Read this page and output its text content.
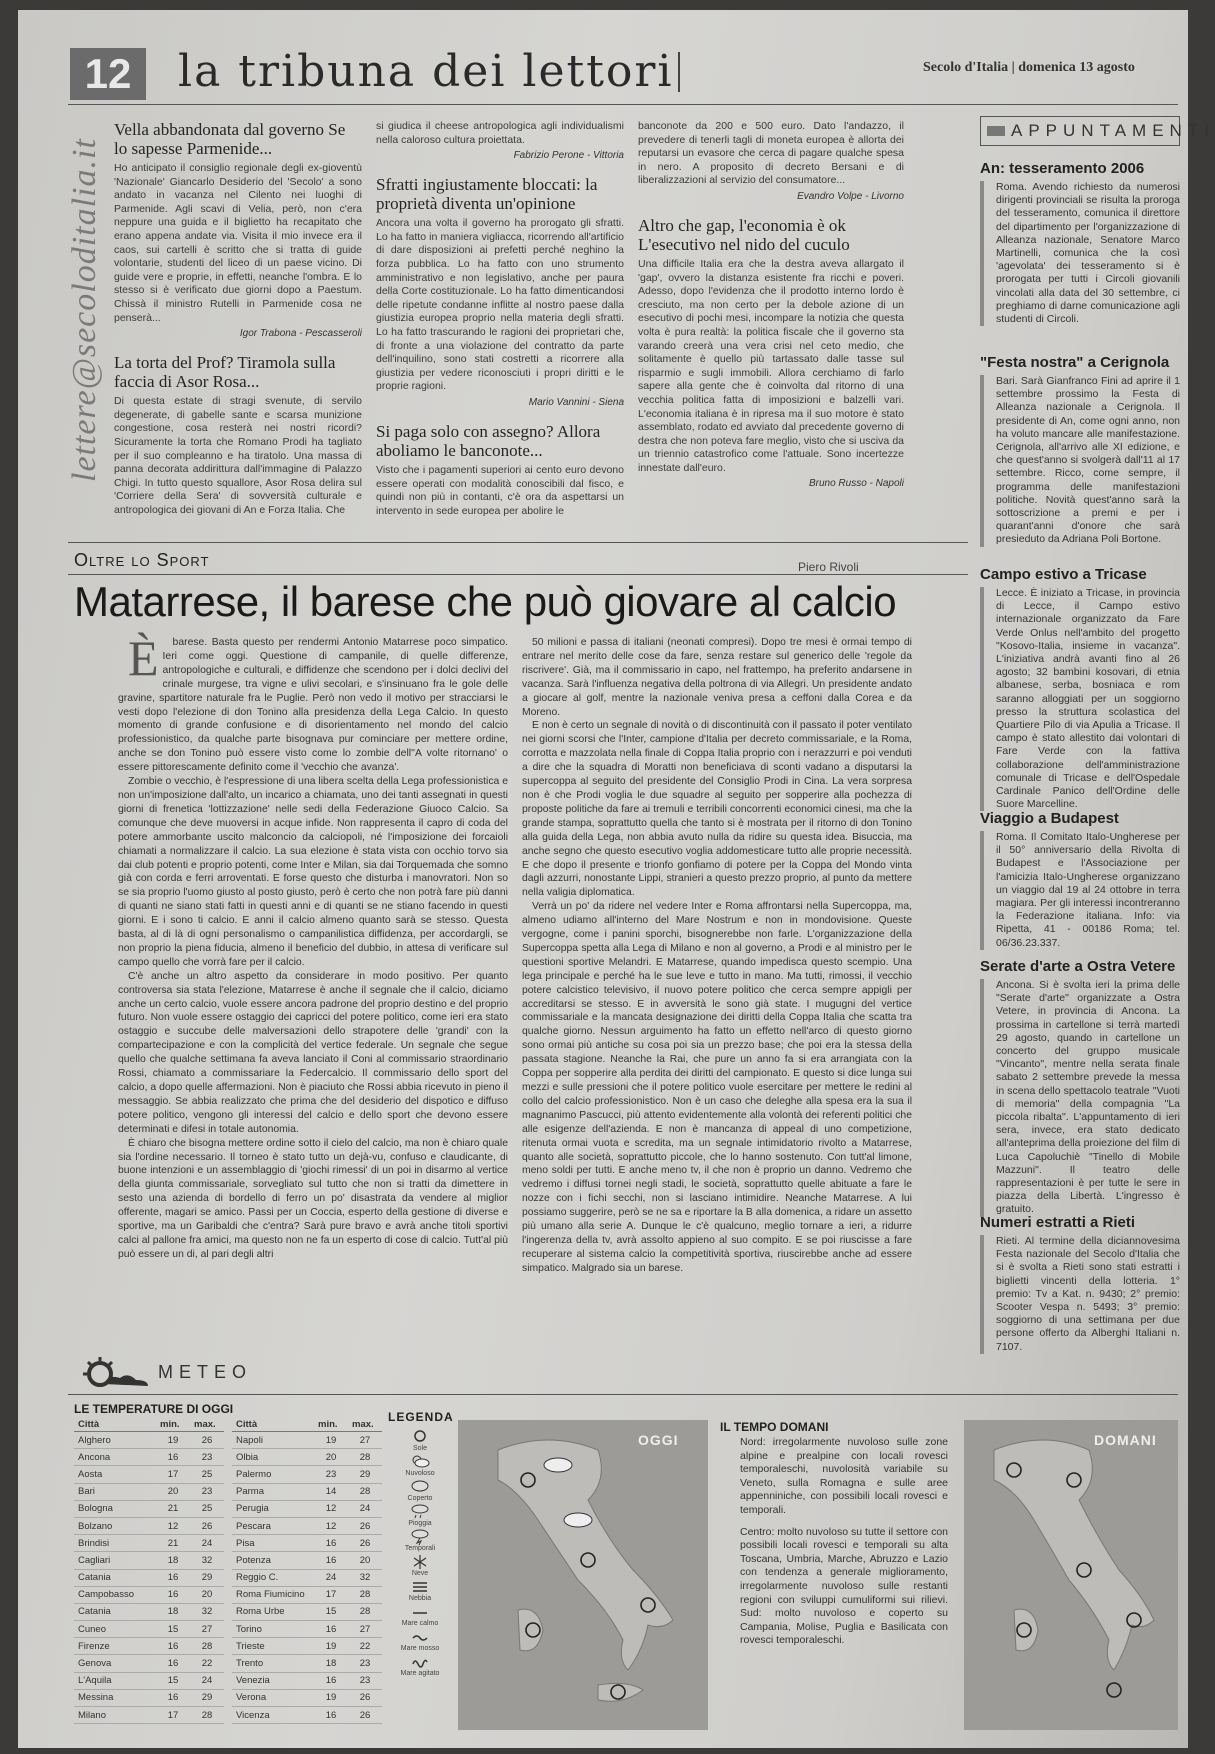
12	la tribuna dei lettori	Secolo d'Italia | domenica 13 agosto
lettere@secoloditalia.it
Vella abbandonata dal governo Se lo sapesse Parmenide...

Ho anticipato il consiglio regionale degli ex-gioventù 'Nazionale' Giancarlo Desiderio del 'Secolo' a sono andato in vacanza nel Cilento nei luoghi di Parmenide. Agli scavi di Velia, però, non c'era neppure una guida e il biglietto ha recapitato che erano appena andate via. Visita il mio invece era il caos, sui cartelli è scritto che si tratta di guide volontarie, studenti del liceo di un paese vicino. Di guide vere e proprie, in effetti, neanche l'ombra. E lo stesso si è verificato due giorni dopo a Paestum. Chissà il ministro Rutelli in Parmenide cosa ne penserà...

Igor Trabona - Pescasseroli
La torta del Prof? Tiramola sulla faccia di Asor Rosa...

Di questa estate di stragi svenute, di servilo degenerate, di gabelle sante e scarsa munizione congestione, cosa resterà nei nostri ricordi? Sicuramente la torta che Romano Prodi ha tagliato per il suo compleanno e ha tiratolo. Una massa di panna decorata addirittura dall'immagine di Palazzo Chigi. In tutto questo squallore, Asor Rosa delira sul 'Corriere della Sera' di sovversità culturale e antropologica dei giovani di An e Forza Italia. Che

si giudica il cheese antropologica agli individualismi nella caloroso cultura proiettata.

Fabrizio Perone - Vittoria
Sfratti ingiustamente bloccati: la proprietà diventa un'opinione

Ancora una volta il governo ha prorogato gli sfratti. Lo ha fatto in maniera vigliacca, ricorrendo all'artificio di dare disposizioni ai prefetti perché neghino la forza pubblica. Lo ha fatto con uno strumento amministrativo e non legislativo, anche per paura della Corte costituzionale. Lo ha fatto dimenticandosi delle ripetute condanne inflitte al nostro paese dalla giustizia europea proprio nella materia degli sfratti. Lo ha fatto trascurando le ragioni dei proprietari che, di fronte a una violazione del contratto da parte dell'inquilino, sono stati costretti a ricorrere alla giustizia per vedere riconosciuti i propri diritti e le proprie ragioni.

Mario Vannini - Siena
Si paga solo con assegno? Allora aboliamo le banconote...

Visto che i pagamenti superiori ai cento euro devono essere operati con modalità conoscibili dal fisco, e quindi non più in contanti, c'è ora da aspettarsi un intervento in sede europea per abolire le

banconote da 200 e 500 euro. Dato l'andazzo, il prevedere di tenerli tagli di moneta europea è allorta dei reputarsi un evasore che cerca di pagare qualche spesa in nero. A proposito di decreto Bersani e di liberalizzazioni al servizio del consumatore...

Evandro Volpe - Livorno
Altro che gap, l'economia è ok L'esecutivo nel nido del cuculo

Una difficile Italia era che la destra aveva allargato il 'gap', ovvero la distanza esistente fra ricchi e poveri. Adesso, dopo l'evidenza che il prodotto interno lordo è cresciuto, ma non certo per la debole azione di un esecutivo di pochi mesi, incompare la notizia che questa volta è pura realtà: la politica fiscale che il governo sta varando creerà una vera crisi nel ceto medio, che solitamente è quello più tartassato dalle tasse sul risparmio e sugli immobili. Allora cerchiamo di farlo sapere alla gente che è coinvolta dal ritorno di una vecchia politica fatta di imposizioni e balzelli vari. L'economia italiana è in ripresa ma il suo motore è stato assemblato, rodato ed avviato dal precedente governo di destra che non poteva fare meglio, visto che si usciva da un triennio catastrofico come l'attuale. Sono incertezze innestate dall'euro.

Bruno Russo - Napoli
Oltre lo Sport	Piero Rivoli
Matarrese, il barese che può giovare al calcio

È barese. Basta questo per rendermi Antonio Matarrese poco simpatico. Ieri come oggi. Questione di campanile, di quelle differenze, antropologiche e culturali, e diffidenze che scendono per i dolci declivi del crinale murgese, tra vigne e ulivi secolari, e s'insinuano fra le gole delle gravine, spartitore naturale fra le Puglie. Però non vedo il motivo per stracciarsi le vesti dopo l'elezione di don Tonino alla presidenza della Lega Calcio. In questo momento di grande confusione e di disorientamento nel mondo del calcio professionistico, da qualche parte bisognava pur cominciare per mettere ordine, anche se don Tonino può essere visto come lo zombie dell''A volte ritornano' o essere pittorescamente definito come il 'vecchio che avanza'.

Zombie o vecchio, è l'espressione di una libera scelta della Lega professionistica e non un'imposizione dall'alto, un incarico a chiamata, uno dei tanti assegnati in questi giorni di frenetica 'lottizzazione' nelle sedi della Federazione Giuoco Calcio. Sa comunque che deve muoversi in acque infide. Non rappresenta il capro di coda del potere ammorbante uscito malconcio da calciopoli, né l'imposizione dei forcaioli chiamati a normalizzare il calcio. La sua elezione è stata vista con occhio torvo sia dai club potenti e proprio potenti, come Inter e Milan, sia dai Torquemada che somno già con corda e ferri arroventati. E forse questo che disturba i manovratori. Non so se sia proprio l'uomo giusto al posto giusto, però è certo che non potrà fare più danni di quanti ne siano stati fatti in questi anni e di quanti se ne stiano facendo in questi giorni. E i sono ti calcio. E anni il calcio almeno quanto sarà se stesso. Questa basta, al di là di ogni personalismo o campanilistica diffidenza, per accordargli, se non proprio la piena fiducia, almeno il beneficio del dubbio, in attesa di verificare sul campo quello che vorrà fare per il calcio.

C'è anche un altro aspetto da considerare in modo positivo. Per quanto controversa sia stata l'elezione, Matarrese è anche il segnale che il calcio, diciamo anche un certo calcio, vuole essere ancora padrone del proprio destino e del proprio futuro. Non vuole essere ostaggio dei capricci del potere politico, come ieri era stato ostaggio e succube delle malversazioni dello strapotere delle 'grandi' con la compartecipazione e con la complicità del vertice federale. Un segnale che segue quello che qualche settimana fa aveva lanciato il Coni al commissario straordinario Rossi, chiamato a commissariare la Federcalcio. Il commissario dello sport del calcio, a dopo quelle affermazioni. Non è piaciuto che Rossi abbia ricevuto in pieno il messaggio. Se abbia realizzato che prima che del desiderio del dispotico e diffuso potere politico, vengono gli interessi del calcio e dello sport che devono essere determinati e difesi in totale autonomia.

È chiaro che bisogna mettere ordine sotto il cielo del calcio, ma non è chiaro quale sia l'ordine necessario. Il torneo è stato tutto un dejà-vu, confuso e claudicante, di buone intenzioni e un assemblaggio di 'giochi rimessi' di un poi in disarmo al vertice della giunta commissariale, sorvegliato sul tutto che non si tratti da dimettere in sesto una azienda di bordello di ferro un po' disastrata da vendere al miglior offerente, magari se amico. Passi per un Coccia, esperto della gestione di diverse e sportive, ma un Garibaldi che c'entra? Sarà pure bravo e avrà anche titoli sportivi calci al pallone fra amici, ma questo non ne fa un esperto di cose di calcio. Tutt'al più può essere un di, al pari degli altri

50 milioni e passa di italiani (neonati compresi). Dopo tre mesi è ormai tempo di entrare nel merito delle cose da fare, senza restare sul generico delle 'regole da riscrivere'. Già, ma il commissario in capo, nel frattempo, ha preferito andarsene in vacanza. Sarà l'influenza negativa della poltrona di via Allegri. Un presidente andato a giocare al golf, mentre la nazionale veniva presa a ceffoni dalla Corea e da Moreno.

E non è certo un segnale di novità o di discontinuità con il passato il poter ventilato nei giorni scorsi che l'Inter, campione d'Italia per decreto commissariale, e la Roma, corrotta e mazzolata nella finale di Coppa Italia proprio con i nerazzurri e poi venduti a dire che la squadra di Moratti non beneficiava di sconti vadano a disputarsi la supercoppa al seguito del presidente del Consiglio Prodi in Cina. La vera sorpresa non è che Prodi voglia le due squadre al seguito per sopperire alla pochezza di proposte politiche da fare ai tremuli e terribili concorrenti economici cinesi, ma che la grande stampa, soprattutto quella che tanto si è mostrata per il ritorno di don Tonino alla guida della Lega, non abbia avuto nulla da ridire su questa idea. Bisuccia, ma anche segno che questo esecutivo voglia addomesticare tutto alle proprie necessità. E che dopo il presente e trionfo gonfiamo di potere per la Coppa del Mondo vinta dagli azzurri, nonostante Lippi, stranieri a questo prezzo proprio, al punto da mettere nella valigia diplomatica.

Verrà un po' da ridere nel vedere Inter e Roma affrontarsi nella Supercoppa, ma, almeno udiamo all'interno del Mare Nostrum e non in mondovisione. Queste vergogne, come i panini sporchi, bisognerebbe non farle. L'organizzazione della Supercoppa spetta alla Lega di Milano e non al governo, a Prodi e al ministro per le questioni sportive Melandri. E Matarrese, quando impedisca questo scempio. Una lega principale e perché ha le sue leve e tutto in mano. Ma tutti, rimossi, il vecchio potere calcistico televisivo, il nuovo potere politico che cerca sempre appigli per accreditarsi se stesso. E in avversità le sono già state. I mugugni del vertice commissariale e la mancata designazione dei diritti della Coppa Italia che scatta tra qualche giorno. Nessun arguimento ha fatto un effetto nell'arco di questo giorno sono ormai più antiche su cosa poi sia un prezzo base; che poi era la stessa della passata stagione. Neanche la Rai, che pure un anno fa si era arrangiata con la Coppa per sopperire alla perdita dei diritti del campionato. E questo si dice lunga sui mezzi e sulle pressioni che il potere politico vuole esercitare per mettere le redini al collo del calcio professionistico. Non è un caso che deleghe alla spesa era la sua il magnanimo Pascucci, più attento evidentemente alla volontà dei referenti politici che alle esigenze dell'azienda. E non è mancanza di appeal di uno competizione, ritenuta ormai vuota e scredita, ma un segnale intimidatorio rivolto a Matarrese, quanto alle società, soprattutto piccole, che lo hanno sostenuto. Con tutt'al limone, meno soldi per tutti. E anche meno tv, il che non è proprio un danno. Vedremo che vedremo i diffusi tornei negli stadi, le società, soprattutto quelle abituate a fare le nozze con i fichi secchi, non si lasciano intimidire. Neanche Matarrese. A lui possiamo suggerire, però se ne sa e riportare la B alla domenica, a ridare un assetto più umano alla serie A. Dunque le c'è qualcuno, meglio tornare a ieri, a ridurre l'ingerenza della tv, avrà assolto appieno al suo compito. E se poi riuscisse a fare recuperare al sistema calcio la competitività sportiva, riuscirebbe anche ad essere simpatico. Malgrado sia un barese.

APPUNTAMENTI
An: tesseramento 2006

Roma. Avendo richiesto da numerosi dirigenti provinciali se risulta la proroga del tesseramento, comunica il direttore del dipartimento per l'organizzazione di Alleanza nazionale, Senatore Marco Martinelli, comunica che la così 'agevolata' dei tesseramento si è prorogata per tutti i Circoli giovanili vincolati alla data del 30 settembre, ci preghiamo di darne comunicazione agli studenti di Circoli.

"Festa nostra" a Cerignola

Bari. Sarà Gianfranco Fini ad aprire il 1 settembre prossimo la Festa di Alleanza nazionale a Cerignola. Il presidente di An, come ogni anno, non ha voluto mancare alle manifestazione. Cerignola, all'arrivo alle XI edizione, e che quest'anno si svolgerà dall'11 al 17 settembre. Ricco, come sempre, il programma delle manifestazioni politiche. Novità quest'anno sarà la sottoscrizione a premi e per i quarant'anni d'onore che sarà presieduto da Adriana Poli Bortone.

Campo estivo a Tricase

Lecce. È iniziato a Tricase, in provincia di Lecce, il Campo estivo internazionale organizzato da Fare Verde Onlus nell'ambito del progetto "Kosovo-Italia, insieme in vacanza". L'iniziativa andrà avanti fino al 26 agosto; 32 bambini kosovari, di etnia albanese, serba, bosniaca e rom saranno alloggiati per un soggiorno presso la struttura scolastica del Quartiere Pilo di via Apulia a Tricase. Il campo è stato allestito dai volontari di Fare Verde con la fattiva collaborazione dell'amministrazione comunale di Tricase e dell'Ospedale Cardinale Panico dell'Ordine delle Suore Marcelline.

Viaggio a Budapest

Roma. Il Comitato Italo-Ungherese per il 50° anniversario della Rivolta di Budapest e l'Associazione per l'amicizia Italo-Ungherese organizzano un viaggio dal 19 al 24 ottobre in terra magiara. Per gli interessi incontreranno la Federazione italiana. Info: via Ripetta, 41 - 00186 Roma; tel. 06/36.23.337.

Serate d'arte a Ostra Vetere

Ancona. Si è svolta ieri la prima delle "Serate d'arte" organizzate a Ostra Vetere, in provincia di Ancona. La prossima in cartellone si terrà martedì 29 agosto, quando in cartellone un concerto del gruppo musicale "Vincanto", mentre nella serata finale sabato 2 settembre prevede la messa in scena dello spettacolo teatrale "Vuoti di memoria" della compagnia "La piccola ribalta". L'appuntamento di ieri sera, invece, era stato dedicato all'anteprima della proiezione del film di Luca Capoluchiè "Tinello di Mobile Mazzuni". Il teatro delle rappresentazioni è per tutte le sere in piazza della Libertà. L'ingresso è gratuito.

Numeri estratti a Rieti

Rieti. Al termine della diciannovesima Festa nazionale del Secolo d'Italia che si è svolta a Rieti sono stati estratti i biglietti vincenti della lotteria. 1° premio: Tv a Kat. n. 9430; 2° premio: Scooter Vespa n. 5493; 3° premio: soggiorno di una settimana per due persone offerto da Alberghi Italiani n. 7107.

METEO
LE TEMPERATURE DI OGGI
Città	min.	max.
Alghero	19	26
Ancona	16	23
Aosta	17	25
Bari	20	23
Bologna	21	25
Bolzano	12	26
Brindisi	21	24
Cagliari	18	32
Catania	16	29
Campobasso	16	20
Catania	18	32
Cuneo	15	27
Firenze	16	28
Genova	16	22
L'Aquila	15	24
Messina	16	29
Milano	17	28
Città	min.	max.
Napoli	19	27
Olbia	20	28
Palermo	23	29
Parma	14	28
Perugia	12	24
Pescara	12	26
Pisa	16	26
Potenza	16	20
Reggio C.	24	32
Roma Fiumicino	17	28
Roma Urbe	15	28
Torino	16	27
Trieste	19	22
Trento	18	23
Venezia	16	23
Verona	19	26
Vicenza	16	26
LEGENDA
Sole
Nuvoloso
Coperto
Pioggia
Temporali
Neve
Nebbia
Mare calmo
Mare mosso
Mare agitato
OGGI
IL TEMPO DOMANI

Nord: irregolarmente nuvoloso sulle zone alpine e prealpine con locali rovesci temporaleschi, nuvolosità variabile su Veneto, sulla Romagna e sulle aree appenniniche, con possibili locali rovesci e temporali.

Centro: molto nuvoloso su tutte il settore con possibili locali rovesci e temporali su alta Toscana, Umbria, Marche, Abruzzo e Lazio con tendenza a generale miglioramento, irregolarmente nuvoloso sulle restanti regioni con sviluppi cumuliformi sui rilievi. Sud: molto nuvoloso e coperto su Campania, Molise, Puglia e Basilicata con rovesci temporaleschi.

DOMANI
